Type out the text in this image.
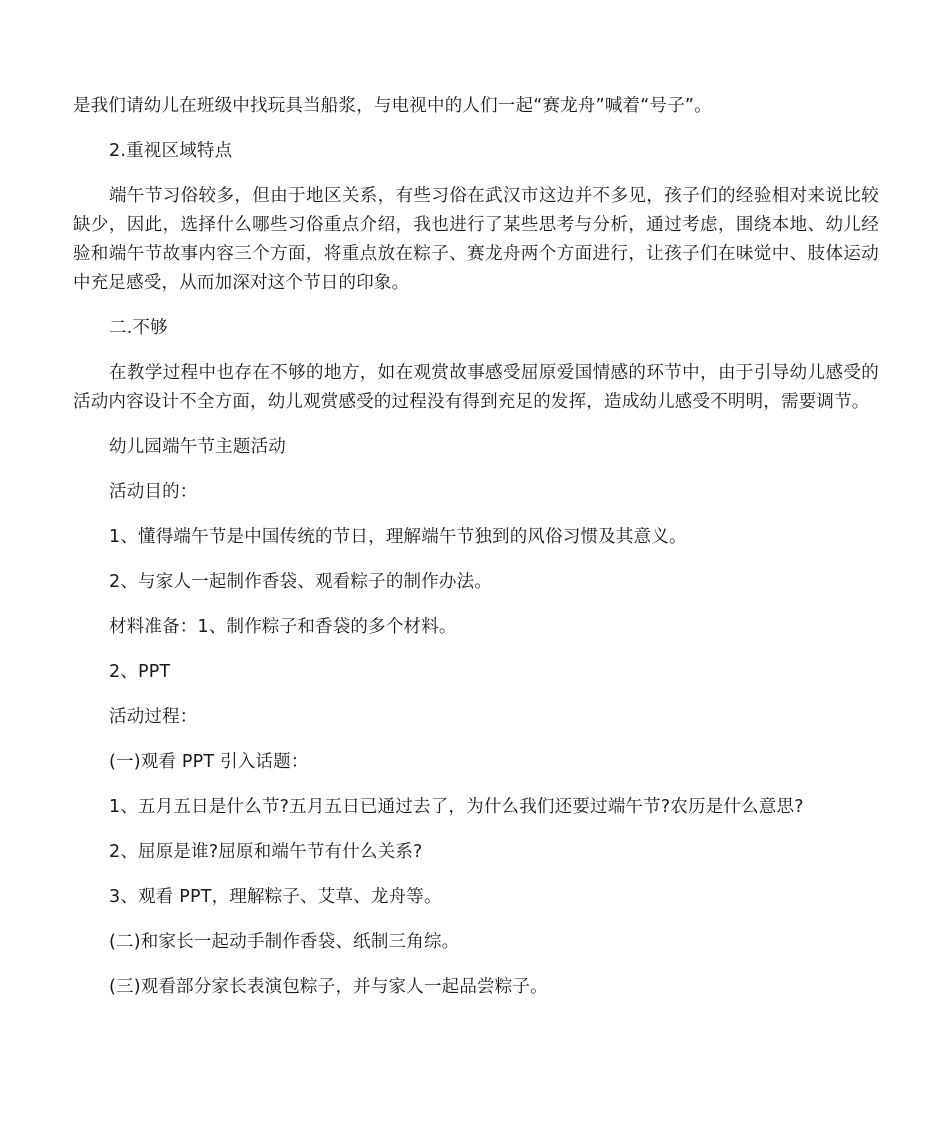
是我们请幼儿在班级中找玩具当船浆，与电视中的人们一起“赛龙舟”喊着“号子”。

2.重视区域特点

端午节习俗较多，但由于地区关系，有些习俗在武汉市这边并不多见，孩子们的经验相对来说比较缺少，因此，选择什么哪些习俗重点介绍，我也进行了某些思考与分析，通过考虑，围绕本地、幼儿经验和端午节故事内容三个方面，将重点放在粽子、赛龙舟两个方面进行，让孩子们在味觉中、肢体运动中充足感受，从而加深对这个节日的印象。

二.不够

在教学过程中也存在不够的地方，如在观赏故事感受屈原爱国情感的环节中，由于引导幼儿感受的活动内容设计不全方面，幼儿观赏感受的过程没有得到充足的发挥，造成幼儿感受不明明，需要调节。

幼儿园端午节主题活动

活动目的：

1、懂得端午节是中国传统的节日，理解端午节独到的风俗习惯及其意义。

2、与家人一起制作香袋、观看粽子的制作办法。

材料准备：1、制作粽子和香袋的多个材料。

2、PPT

活动过程：

(一)观看 PPT 引入话题：

1、五月五日是什么节?五月五日已通过去了，为什么我们还要过端午节?农历是什么意思?

2、屈原是谁?屈原和端午节有什么关系?

3、观看 PPT，理解粽子、艾草、龙舟等。

(二)和家长一起动手制作香袋、纸制三角综。

(三)观看部分家长表演包粽子，并与家人一起品尝粽子。
